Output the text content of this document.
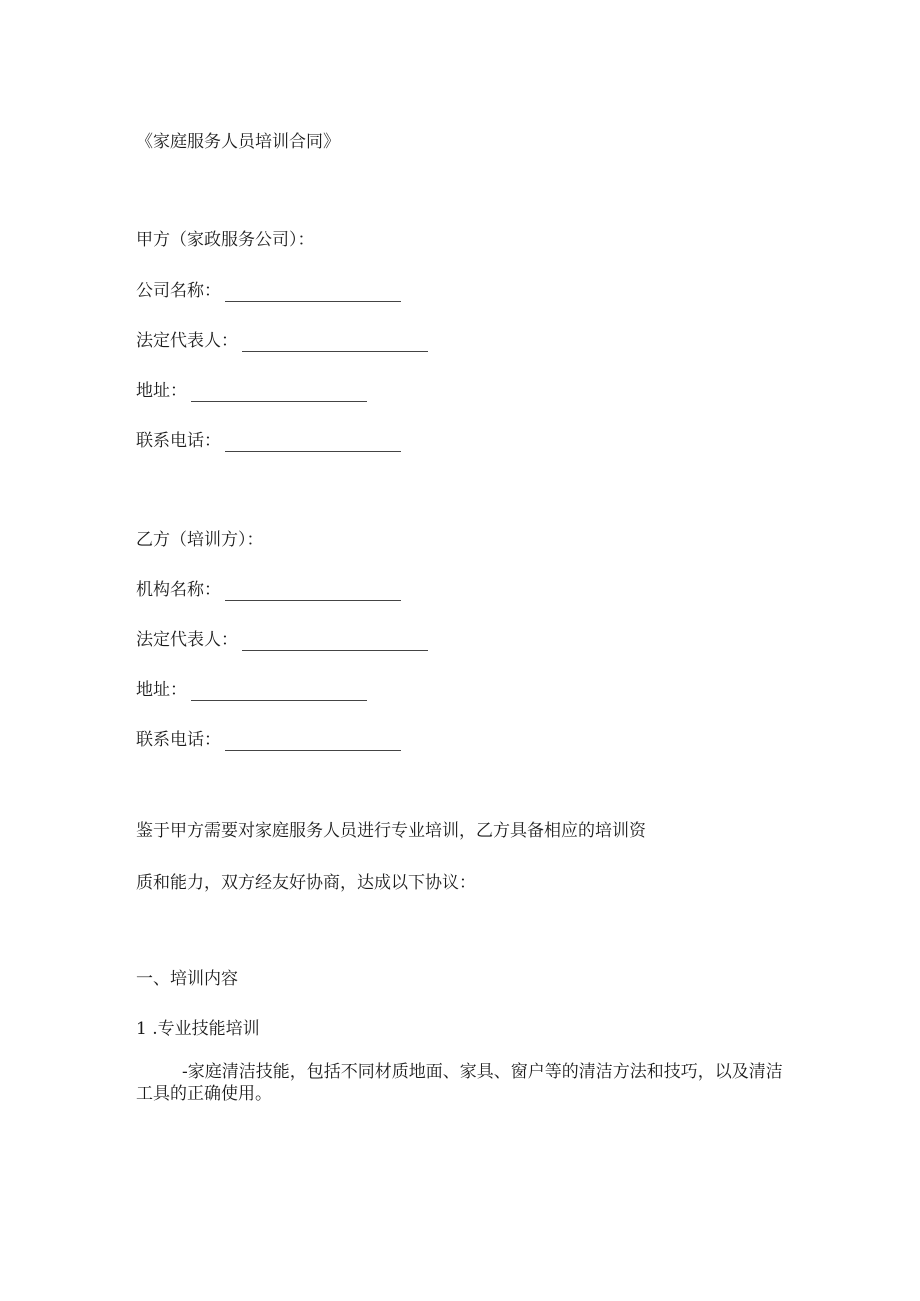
《家庭服务人员培训合同》
甲方（家政服务公司）：
公司名称：
法定代表人：
地址：
联系电话：
乙方（培训方）：
机构名称：
法定代表人：
地址：
联系电话：
鉴于甲方需要对家庭服务人员进行专业培训，乙方具备相应的培训资
质和能力，双方经友好协商，达成以下协议：
一、培训内容
1 .专业技能培训
-家庭清洁技能，包括不同材质地面、家具、窗户等的清洁方法和技巧，以及清洁工具的正确使用。
